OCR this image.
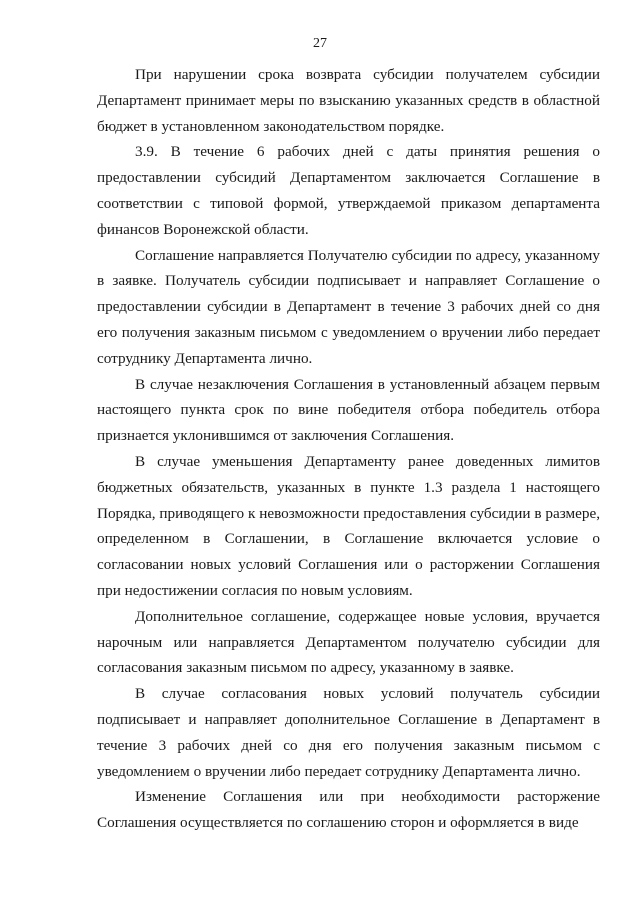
27

При нарушении срока возврата субсидии получателем субсидии Департамент принимает меры по взысканию указанных средств в областной бюджет в установленном законодательством порядке.

3.9. В течение 6 рабочих дней с даты принятия решения о предоставлении субсидий Департаментом заключается Соглашение в соответствии с типовой формой, утверждаемой приказом департамента финансов Воронежской области.

Соглашение направляется Получателю субсидии по адресу, указанному в заявке. Получатель субсидии подписывает и направляет Соглашение о предоставлении субсидии в Департамент в течение 3 рабочих дней со дня его получения заказным письмом с уведомлением о вручении либо передает сотруднику Департамента лично.

В случае незаключения Соглашения в установленный абзацем первым настоящего пункта срок по вине победителя отбора победитель отбора признается уклонившимся от заключения Соглашения.

В случае уменьшения Департаменту ранее доведенных лимитов бюджетных обязательств, указанных в пункте 1.3 раздела 1 настоящего Порядка, приводящего к невозможности предоставления субсидии в размере, определенном в Соглашении, в Соглашение включается условие о согласовании новых условий Соглашения или о расторжении Соглашения при недостижении согласия по новым условиям.

Дополнительное соглашение, содержащее новые условия, вручается нарочным или направляется Департаментом получателю субсидии для согласования заказным письмом по адресу, указанному в заявке.

В случае согласования новых условий получатель субсидии подписывает и направляет дополнительное Соглашение в Департамент в течение 3 рабочих дней со дня его получения заказным письмом с уведомлением о вручении либо передает сотруднику Департамента лично.

Изменение Соглашения или при необходимости расторжение Соглашения осуществляется по соглашению сторон и оформляется в виде
